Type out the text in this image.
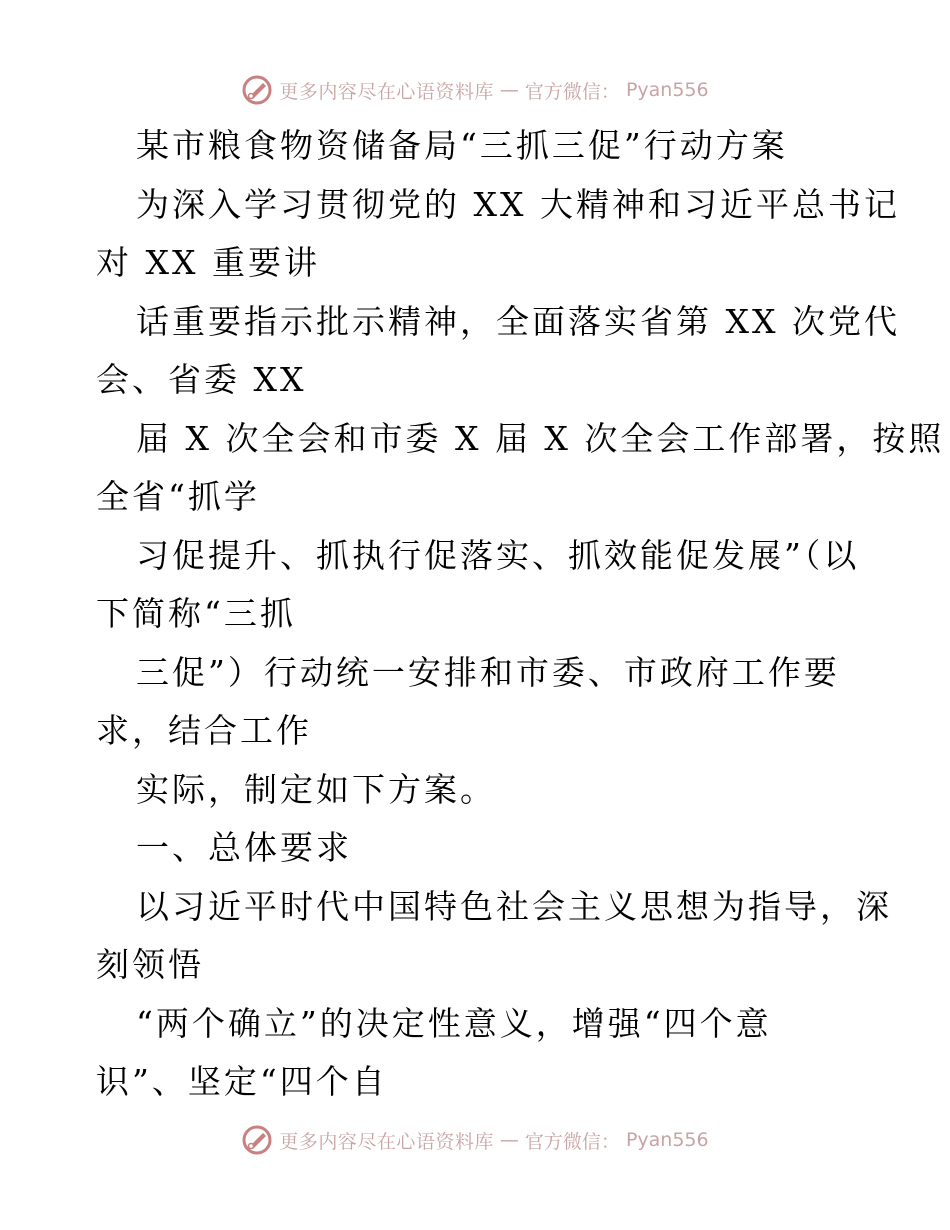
更多内容尽在心语资料库 — 官方微信： Pyan556
某市粮食物资储备局“三抓三促”行动方案
为深入学习贯彻党的 XX 大精神和习近平总书记
对 XX 重要讲
话重要指示批示精神，全面落实省第 XX 次党代
会、省委 XX
届 X 次全会和市委 X 届 X 次全会工作部署，按照
全省“抓学
习促提升、抓执行促落实、抓效能促发展”（以
下简称“三抓
三促”）行动统一安排和市委、市政府工作要
求，结合工作
实际，制定如下方案。
一、总体要求
以习近平时代中国特色社会主义思想为指导，深
刻领悟
“两个确立”的决定性意义，增强“四个意
识”、坚定“四个自
更多内容尽在心语资料库 — 官方微信： Pyan556
